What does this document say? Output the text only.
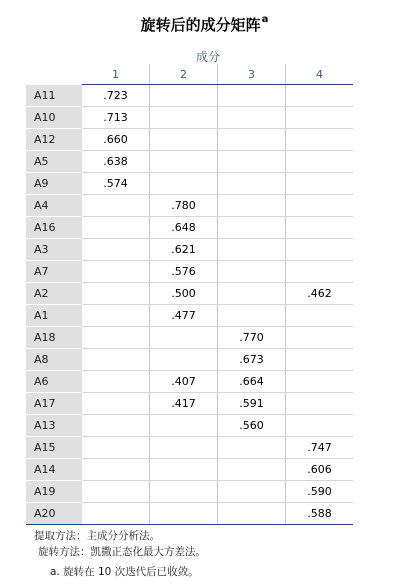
旋转后的成分矩阵$^a$
成分
	1	2	3	4
A11	.723			
A10	.713			
A12	.660			
A5	.638			
A9	.574			
A4		.780		
A16		.648		
A3		.621		
A7		.576		
A2		.500		.462
A1		.477		
A18			.770	
A8			.673	
A6		.407	.664	
A17		.417	.591	
A13			.560	
A15				.747
A14				.606
A19				.590
A20				.588
提取方法：主成分分析法。
旋转方法：凯撒正态化最大方差法。
a. 旋转在 10 次迭代后已收敛。
